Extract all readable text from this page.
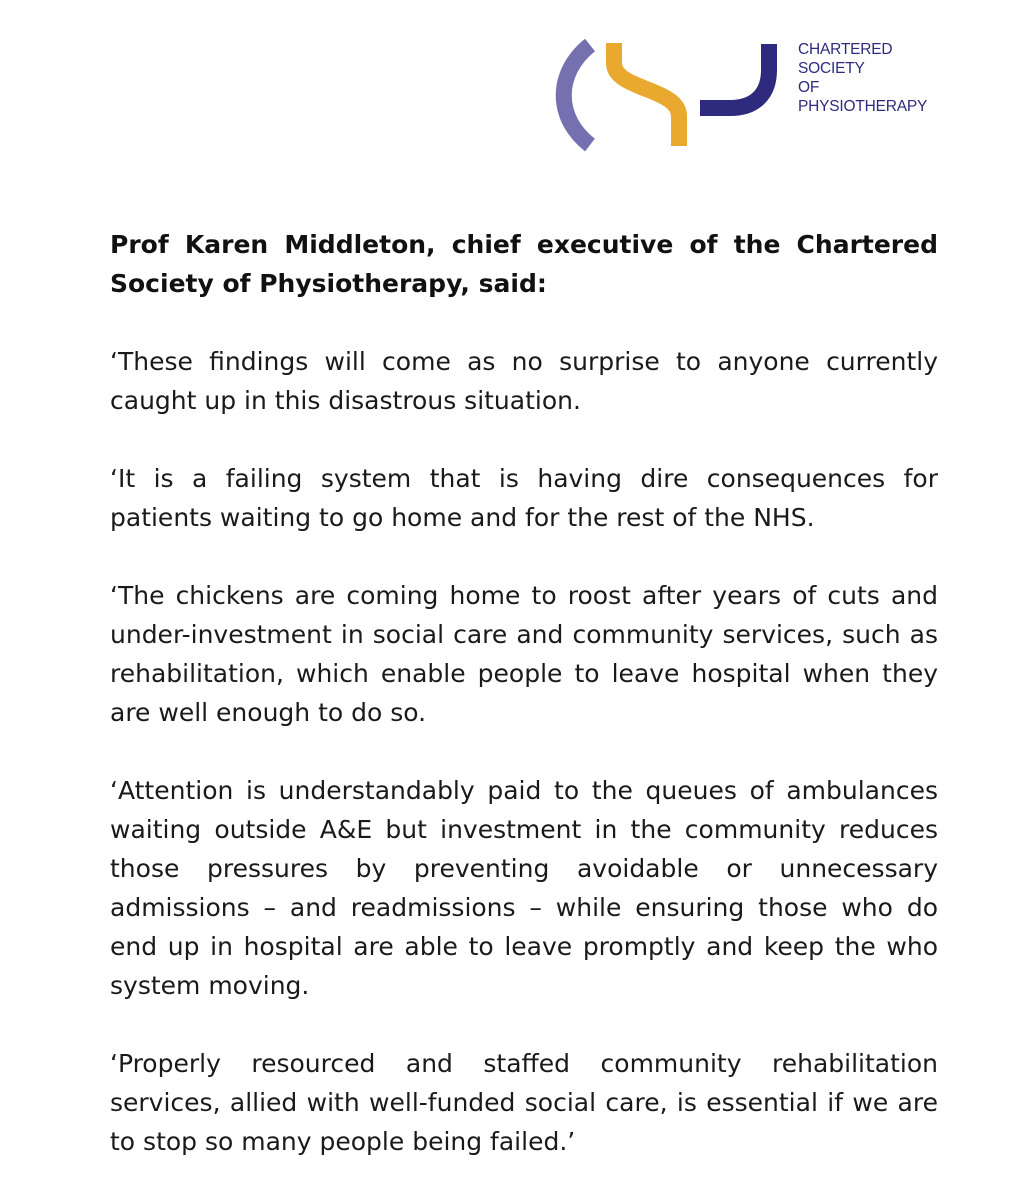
CHARTERED
SOCIETY
OF
PHYSIOTHERAPY

Prof Karen Middleton, chief executive of the Chartered Society of Physiotherapy, said:

‘These findings will come as no surprise to anyone currently caught up in this disastrous situation.

‘It is a failing system that is having dire consequences for patients waiting to go home and for the rest of the NHS.

‘The chickens are coming home to roost after years of cuts and under-investment in social care and community services, such as rehabilitation, which enable people to leave hospital when they are well enough to do so.

‘Attention is understandably paid to the queues of ambulances waiting outside A&E but investment in the community reduces those pressures by preventing avoidable or unnecessary admissions – and readmissions – while ensuring those who do end up in hospital are able to leave promptly and keep the who system moving.

‘Properly resourced and staffed community rehabilitation services, allied with well-funded social care, is essential if we are to stop so many people being failed.’
